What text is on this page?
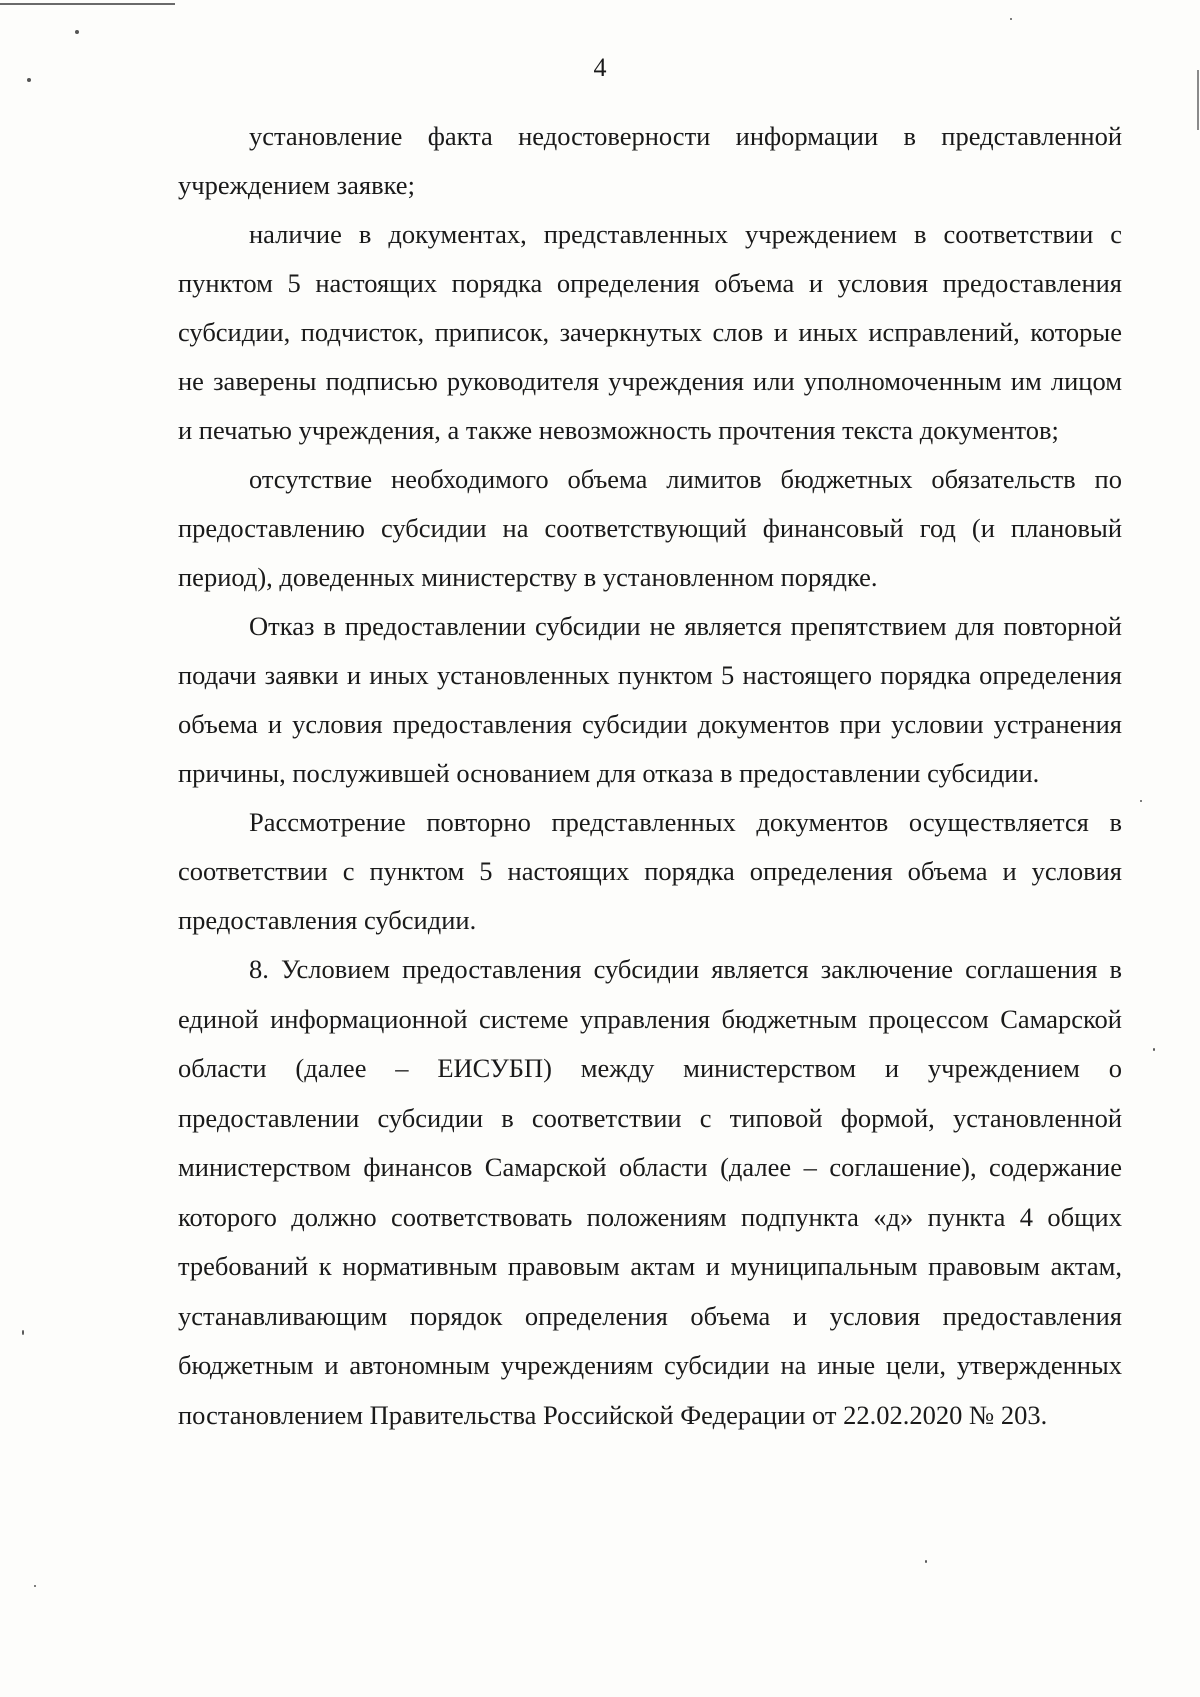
4

установление факта недостоверности информации в представленной учреждением заявке;

наличие в документах, представленных учреждением в соответствии с пунктом 5 настоящих порядка определения объема и условия предоставления субсидии, подчисток, приписок, зачеркнутых слов и иных исправлений, которые не заверены подписью руководителя учреждения или уполномоченным им лицом и печатью учреждения, а также невозможность прочтения текста документов;

отсутствие необходимого объема лимитов бюджетных обязательств по предоставлению субсидии на соответствующий финансовый год (и плановый период), доведенных министерству в установленном порядке.

Отказ в предоставлении субсидии не является препятствием для повторной подачи заявки и иных установленных пунктом 5 настоящего порядка определения объема и условия предоставления субсидии документов при условии устранения причины, послужившей основанием для отказа в предоставлении субсидии.

Рассмотрение повторно представленных документов осуществляется в соответствии с пунктом 5 настоящих порядка определения объема и условия предоставления субсидии.

8. Условием предоставления субсидии является заключение соглашения в единой информационной системе управления бюджетным процессом Самарской области (далее – ЕИСУБП) между министерством и учреждением о предоставлении субсидии в соответствии с типовой формой, установленной министерством финансов Самарской области (далее – соглашение), содержание которого должно соответствовать положениям подпункта «д» пункта 4 общих требований к нормативным правовым актам и муниципальным правовым актам, устанавливающим порядок определения объема и условия предоставления бюджетным и автономным учреждениям субсидии на иные цели, утвержденных постановлением Правительства Российской Федерации от 22.02.2020 № 203.
